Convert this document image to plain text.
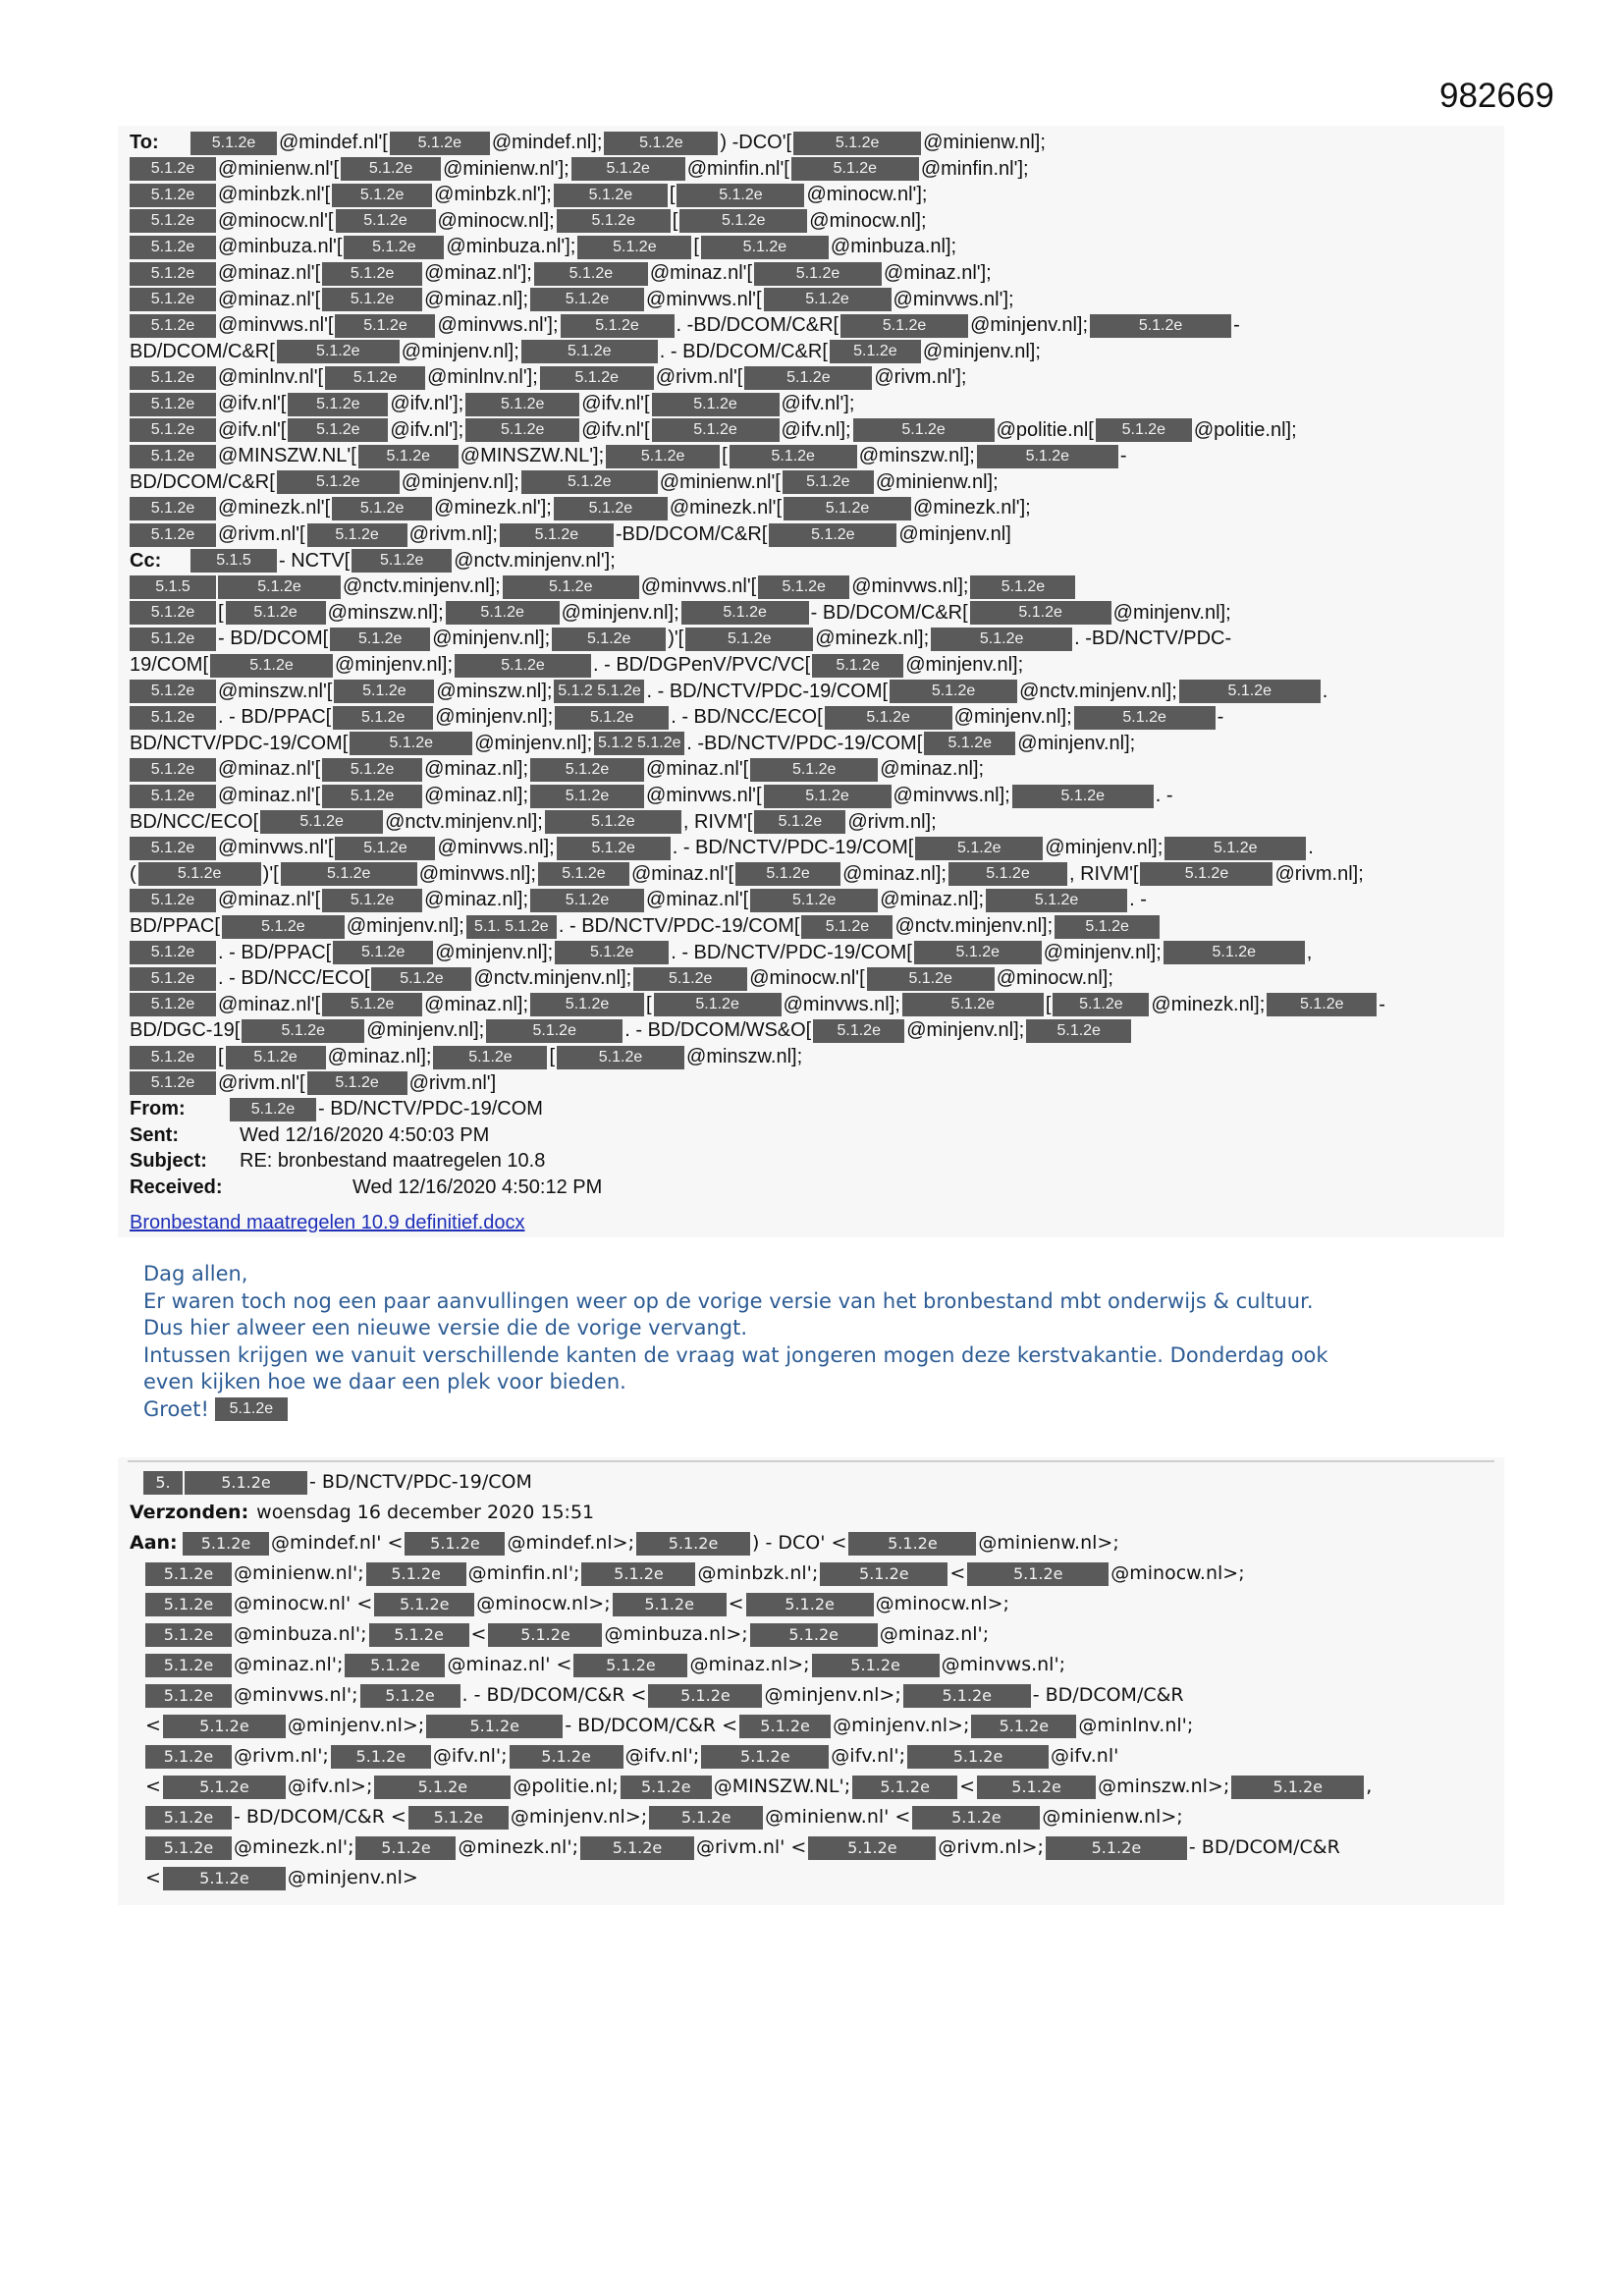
982669
To:	5.1.2e	@mindef.nl'[	5.1.2e	@mindef.nl];	5.1.2e	) -DCO'[	5.1.2e	@minienw.nl];
5.1.2e	@minienw.nl'[	5.1.2e	@minienw.nl'];	5.1.2e	@minfin.nl'[	5.1.2e	@minfin.nl'];
5.1.2e	@minbzk.nl'[	5.1.2e	@minbzk.nl'];	5.1.2e	[	5.1.2e	@minocw.nl'];
5.1.2e	@minocw.nl'[	5.1.2e	@minocw.nl];	5.1.2e	[	5.1.2e	@minocw.nl];
5.1.2e	@minbuza.nl'[	5.1.2e	@minbuza.nl'];	5.1.2e	[	5.1.2e	@minbuza.nl];
5.1.2e	@minaz.nl'[	5.1.2e	@minaz.nl'];	5.1.2e	@minaz.nl'[	5.1.2e	@minaz.nl'];
5.1.2e	@minaz.nl'[	5.1.2e	@minaz.nl];	5.1.2e	@minvws.nl'[	5.1.2e	@minvws.nl'];
5.1.2e	@minvws.nl'[	5.1.2e	@minvws.nl'];	5.1.2e	. -BD/DCOM/C&R[	5.1.2e	@minjenv.nl];	5.1.2e	-
BD/DCOM/C&R[	5.1.2e	@minjenv.nl];	5.1.2e	. - BD/DCOM/C&R[	5.1.2e	@minjenv.nl];
5.1.2e	@minlnv.nl'[	5.1.2e	@minlnv.nl'];	5.1.2e	@rivm.nl'[	5.1.2e	@rivm.nl'];
5.1.2e	@ifv.nl'[	5.1.2e	@ifv.nl'];	5.1.2e	@ifv.nl'[	5.1.2e	@ifv.nl'];
5.1.2e	@ifv.nl'[	5.1.2e	@ifv.nl'];	5.1.2e	@ifv.nl'[	5.1.2e	@ifv.nl];	5.1.2e	@politie.nl[	5.1.2e	@politie.nl];
5.1.2e	@MINSZW.NL'[	5.1.2e	@MINSZW.NL'];	5.1.2e	[	5.1.2e	@minszw.nl];	5.1.2e	-
BD/DCOM/C&R[	5.1.2e	@minjenv.nl];	5.1.2e	@minienw.nl'[	5.1.2e	@minienw.nl];
5.1.2e	@minezk.nl'[	5.1.2e	@minezk.nl'];	5.1.2e	@minezk.nl'[	5.1.2e	@minezk.nl'];
5.1.2e	@rivm.nl'[	5.1.2e	@rivm.nl];	5.1.2e	-BD/DCOM/C&R[	5.1.2e	@minjenv.nl]
Cc:	5.1.5	- NCTV[	5.1.2e	@nctv.minjenv.nl'];
5.1.5	5.1.2e	@nctv.minjenv.nl];	5.1.2e	@minvws.nl'[	5.1.2e	@minvws.nl];	5.1.2e
5.1.2e	[	5.1.2e	@minszw.nl];	5.1.2e	@minjenv.nl];	5.1.2e	- BD/DCOM/C&R[	5.1.2e	@minjenv.nl];
5.1.2e	- BD/DCOM[	5.1.2e	@minjenv.nl];	5.1.2e	)'[	5.1.2e	@minezk.nl];	5.1.2e	. -BD/NCTV/PDC-
19/COM[	5.1.2e	@minjenv.nl];	5.1.2e	. - BD/DGPenV/PVC/VC[	5.1.2e	@minjenv.nl];
5.1.2e	@minszw.nl'[	5.1.2e	@minszw.nl]; 5.1.2 5.1.2e . - BD/NCTV/PDC-19/COM[	5.1.2e	@nctv.minjenv.nl];	5.1.2e	.
5.1.2e	. - BD/PPAC[	5.1.2e	@minjenv.nl];	5.1.2e	. - BD/NCC/ECO[	5.1.2e	@minjenv.nl];	5.1.2e	-
BD/NCTV/PDC-19/COM[	5.1.2e	@minjenv.nl]; 5.1.2 5.1.2e . -BD/NCTV/PDC-19/COM[	5.1.2e	@minjenv.nl];
5.1.2e	@minaz.nl'[	5.1.2e	@minaz.nl];	5.1.2e	@minaz.nl'[	5.1.2e	@minaz.nl];
5.1.2e	@minaz.nl'[	5.1.2e	@minaz.nl];	5.1.2e	@minvws.nl'[	5.1.2e	@minvws.nl];	5.1.2e	. -
BD/NCC/ECO[	5.1.2e	@nctv.minjenv.nl];	5.1.2e	, RIVM'[	5.1.2e	@rivm.nl];
5.1.2e	@minvws.nl'[	5.1.2e	@minvws.nl];	5.1.2e	. - BD/NCTV/PDC-19/COM[	5.1.2e	@minjenv.nl];	5.1.2e	.
(	5.1.2e	)'[	5.1.2e	@minvws.nl];	5.1.2e	@minaz.nl'[	5.1.2e	@minaz.nl];	5.1.2e	, RIVM'[	5.1.2e	@rivm.nl];
5.1.2e	@minaz.nl'[	5.1.2e	@minaz.nl];	5.1.2e	@minaz.nl'[	5.1.2e	@minaz.nl];	5.1.2e	. -
BD/PPAC[	5.1.2e	@minjenv.nl]; 5.1. 5.1.2e . - BD/NCTV/PDC-19/COM[	5.1.2e	@nctv.minjenv.nl];	5.1.2e
5.1.2e	. - BD/PPAC[	5.1.2e	@minjenv.nl];	5.1.2e	. - BD/NCTV/PDC-19/COM[	5.1.2e	@minjenv.nl];	5.1.2e	,
5.1.2e	. - BD/NCC/ECO[	5.1.2e	@nctv.minjenv.nl];	5.1.2e	@minocw.nl'[	5.1.2e	@minocw.nl];
5.1.2e	@minaz.nl'[	5.1.2e	@minaz.nl];	5.1.2e	[	5.1.2e	@minvws.nl];	5.1.2e	[	5.1.2e	@minezk.nl];	5.1.2e	-
BD/DGC-19[	5.1.2e	@minjenv.nl];	5.1.2e	. - BD/DCOM/WS&O[	5.1.2e	@minjenv.nl];	5.1.2e
5.1.2e	[	5.1.2e	@minaz.nl];	5.1.2e	[	5.1.2e	@minszw.nl];
5.1.2e	@rivm.nl'[	5.1.2e	@rivm.nl']
From:	5.1.2e	- BD/NCTV/PDC-19/COM
Sent:	Wed 12/16/2020 4:50:03 PM
Subject:	RE: bronbestand maatregelen 10.8
Received:	Wed 12/16/2020 4:50:12 PM
Bronbestand maatregelen 10.9 definitief.docx
Dag allen,
Er waren toch nog een paar aanvullingen weer op de vorige versie van het bronbestand mbt onderwijs & cultuur.
Dus hier alweer een nieuwe versie die de vorige vervangt.
Intussen krijgen we vanuit verschillende kanten de vraag wat jongeren mogen deze kerstvakantie. Donderdag ook
even kijken hoe we daar een plek voor bieden.
Groet!	5.1.2e
5.	5.1.2e	- BD/NCTV/PDC-19/COM
Verzonden: woensdag 16 december 2020 15:51
Aan:	5.1.2e	@mindef.nl' <	5.1.2e	@mindef.nl>;	5.1.2e	) - DCO' <	5.1.2e	@minienw.nl>;
5.1.2e	@minienw.nl';	5.1.2e	@minfin.nl';	5.1.2e	@minbzk.nl';	5.1.2e	<	5.1.2e	@minocw.nl>;
5.1.2e	@minocw.nl' <	5.1.2e	@minocw.nl>;	5.1.2e	<	5.1.2e	@minocw.nl>;
5.1.2e	@minbuza.nl';	5.1.2e	<	5.1.2e	@minbuza.nl>;	5.1.2e	@minaz.nl';
5.1.2e	@minaz.nl';	5.1.2e	@minaz.nl' <	5.1.2e	@minaz.nl>;	5.1.2e	@minvws.nl';
5.1.2e	@minvws.nl';	5.1.2e	. - BD/DCOM/C&R <	5.1.2e	@minjenv.nl>;	5.1.2e	- BD/DCOM/C&R
<	5.1.2e	@minjenv.nl>;	5.1.2e	- BD/DCOM/C&R <	5.1.2e	@minjenv.nl>;	5.1.2e	@minlnv.nl';
5.1.2e	@rivm.nl';	5.1.2e	@ifv.nl';	5.1.2e	@ifv.nl';	5.1.2e	@ifv.nl';	5.1.2e	@ifv.nl'
<	5.1.2e	@ifv.nl>;	5.1.2e	@politie.nl;	5.1.2e	@MINSZW.NL';	5.1.2e	<	5.1.2e	@minszw.nl>;	5.1.2e	,
5.1.2e	- BD/DCOM/C&R <	5.1.2e	@minjenv.nl>;	5.1.2e	@minienw.nl' <	5.1.2e	@minienw.nl>;
5.1.2e	@minezk.nl';	5.1.2e	@minezk.nl';	5.1.2e	@rivm.nl' <	5.1.2e	@rivm.nl>;	5.1.2e	- BD/DCOM/C&R
<	5.1.2e	@minjenv.nl>
